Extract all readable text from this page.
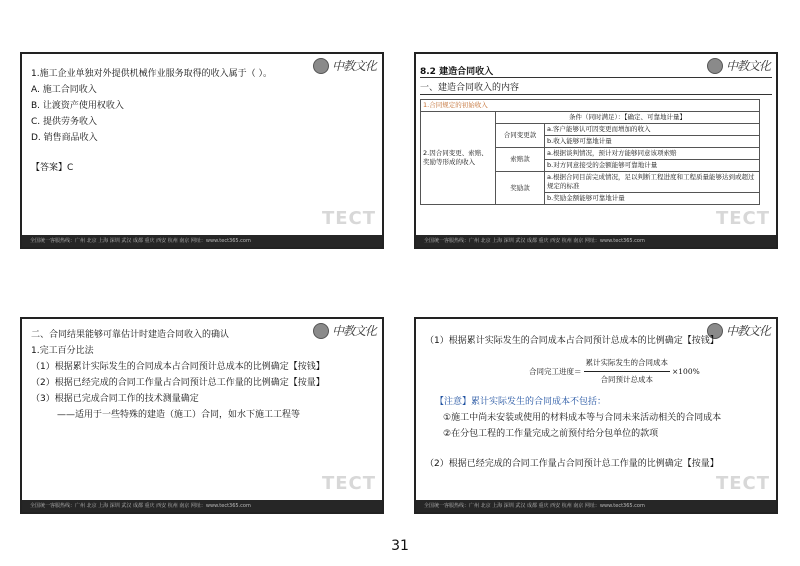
中教文化
1.施工企业单独对外提供机械作业服务取得的收入属于（ ）。
A. 施工合同收入
B. 让渡资产使用权收入
C. 提供劳务收入
D. 销售商品收入
【答案】C
TECT
全国统一客服热线：广州 北京 上海 深圳 武汉 成都 重庆 西安 杭州 南京 网址：www.tect365.com
中教文化
8.2 建造合同收入
一、建造合同收入的内容
1.合同规定的初始收入		
2.因合同变更、索赔、奖励等形成的收入	条件（同时满足）：【确定、可靠地计量】	
	合同变更款	a.客户能够认可因变更而增加的收入
		b.收入能够可靠地计量
	索赔款	a.根据谈判情况，预计对方能够同意该项索赔
		b.对方同意接受的金额能够可靠地计量
	奖励款	a.根据合同目前完成情况，足以判断工程进度和工程质量能够达到或超过规定的标准
		b.奖励金额能够可靠地计量
TECT
全国统一客服热线：广州 北京 上海 深圳 武汉 成都 重庆 西安 杭州 南京 网址：www.tect365.com
中教文化
二、合同结果能够可靠估计时建造合同收入的确认
1.完工百分比法
（1）根据累计实际发生的合同成本占合同预计总成本的比例确定【按钱】
（2）根据已经完成的合同工作量占合同预计总工作量的比例确定【按量】
（3）根据已完成合同工作的技术测量确定
——适用于一些特殊的建造（施工）合同，如水下施工工程等
TECT
全国统一客服热线：广州 北京 上海 深圳 武汉 成都 重庆 西安 杭州 南京 网址：www.tect365.com
中教文化
（1）根据累计实际发生的合同成本占合同预计总成本的比例确定【按钱】
合同完工进度＝ $\frac{\text{累计实际发生的合同成本}}{\text{合同预计总成本}} \times 100\%$
【注意】累计实际发生的合同成本不包括：
①施工中尚未安装或使用的材料成本等与合同未来活动相关的合同成本
②在分包工程的工作量完成之前预付给分包单位的款项
（2）根据已经完成的合同工作量占合同预计总工作量的比例确定【按量】
TECT
全国统一客服热线：广州 北京 上海 深圳 武汉 成都 重庆 西安 杭州 南京 网址：www.tect365.com
31
